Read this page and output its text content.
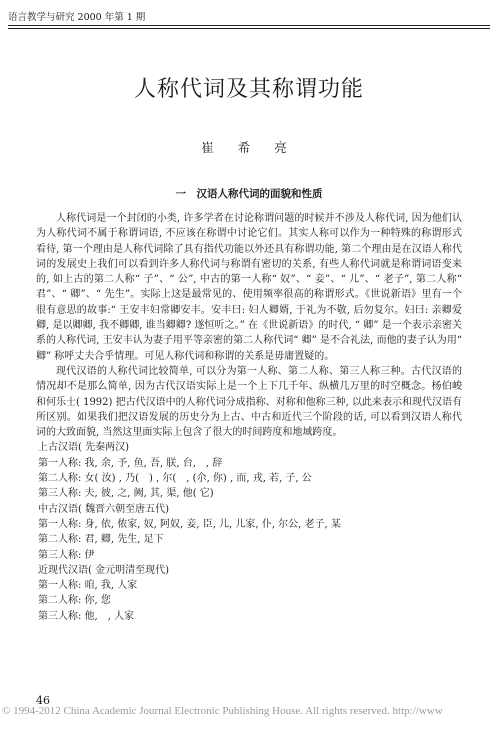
语言教学与研究 2000 年第 1 期
人称代词及其称谓功能
崔 希 亮
一　汉语人称代词的面貌和性质

人称代词是一个封闭的小类, 许多学者在讨论称谓问题的时候并不涉及人称代词, 因为他们认为人称代词不属于称谓词语, 不应该在称谓中讨论它们。其实人称可以作为一种特殊的称谓形式看待, 第一个理由是人称代词除了具有指代功能以外还具有称谓功能, 第二个理由是在汉语人称代词的发展史上我们可以看到许多人称代词与称谓有密切的关系, 有些人称代词就是称谓词语变来的, 如上古的第二人称“ 子”、“ 公”, 中古的第一人称“ 奴”、“ 妾”、“ 儿”、“ 老子”, 第二人称“ 君”、“ 卿”、“ 先生”。实际上这是最常见的、使用频率很高的称谓形式。《世说新语》里有一个很有意思的故事:“ 王安丰妇常卿安丰。安丰曰: 妇人卿婿, 于礼为不敬, 后勿复尔。妇曰: 亲卿爱卿, 是以卿卿, 我不卿卿, 谁当卿卿? 遂恒听之。” 在《世说新语》的时代, “ 卿” 是一个表示亲密关系的人称代词, 王安丰认为妻子用平等亲密的第二人称代词“ 卿” 是不合礼法, 而他的妻子认为用“ 卿” 称呼丈夫合乎情理。可见人称代词和称谓的关系是毋庸置疑的。

现代汉语的人称代词比较简单, 可以分为第一人称、第二人称、第三人称三种。古代汉语的情况却不是那么简单, 因为古代汉语实际上是一个上下几千年、纵横几万里的时空概念。杨伯峻和何乐士( 1992) 把古代汉语中的人称代词分成指称、对称和他称三种, 以此来表示和现代汉语有所区别。如果我们把汉语发展的历史分为上古、中古和近代三个阶段的话, 可以看到汉语人称代词的大致面貌, 当然这里面实际上包含了很大的时间跨度和地域跨度。

上古汉语( 先秦两汉)
第一人称: 我, 余, 予, 鱼, 吾, 朕, 台,　, 辞
第二人称: 女( 汝) , 乃(　) , 尔(　, (尒, 你) , 而, 戎, 若, 子, 公
第三人称: 夫, 彼, 之, 阙, 其, 渠, 他( 它)
中古汉语( 魏晋六朝至唐五代)
第一人称: 身, 依, 侬家, 奴, 阿奴, 妾, 臣, 儿, 儿家, 仆, 尔公, 老子, 某
第二人称: 君, 卿, 先生, 足下
第三人称: 伊
近现代汉语( 金元明清至现代)
第一人称: 咱, 我, 人家
第二人称: 你, 您
第三人称: 他,　, 人家
46
© 1994-2012 China Academic Journal Electronic Publishing House. All rights reserved. http://www
